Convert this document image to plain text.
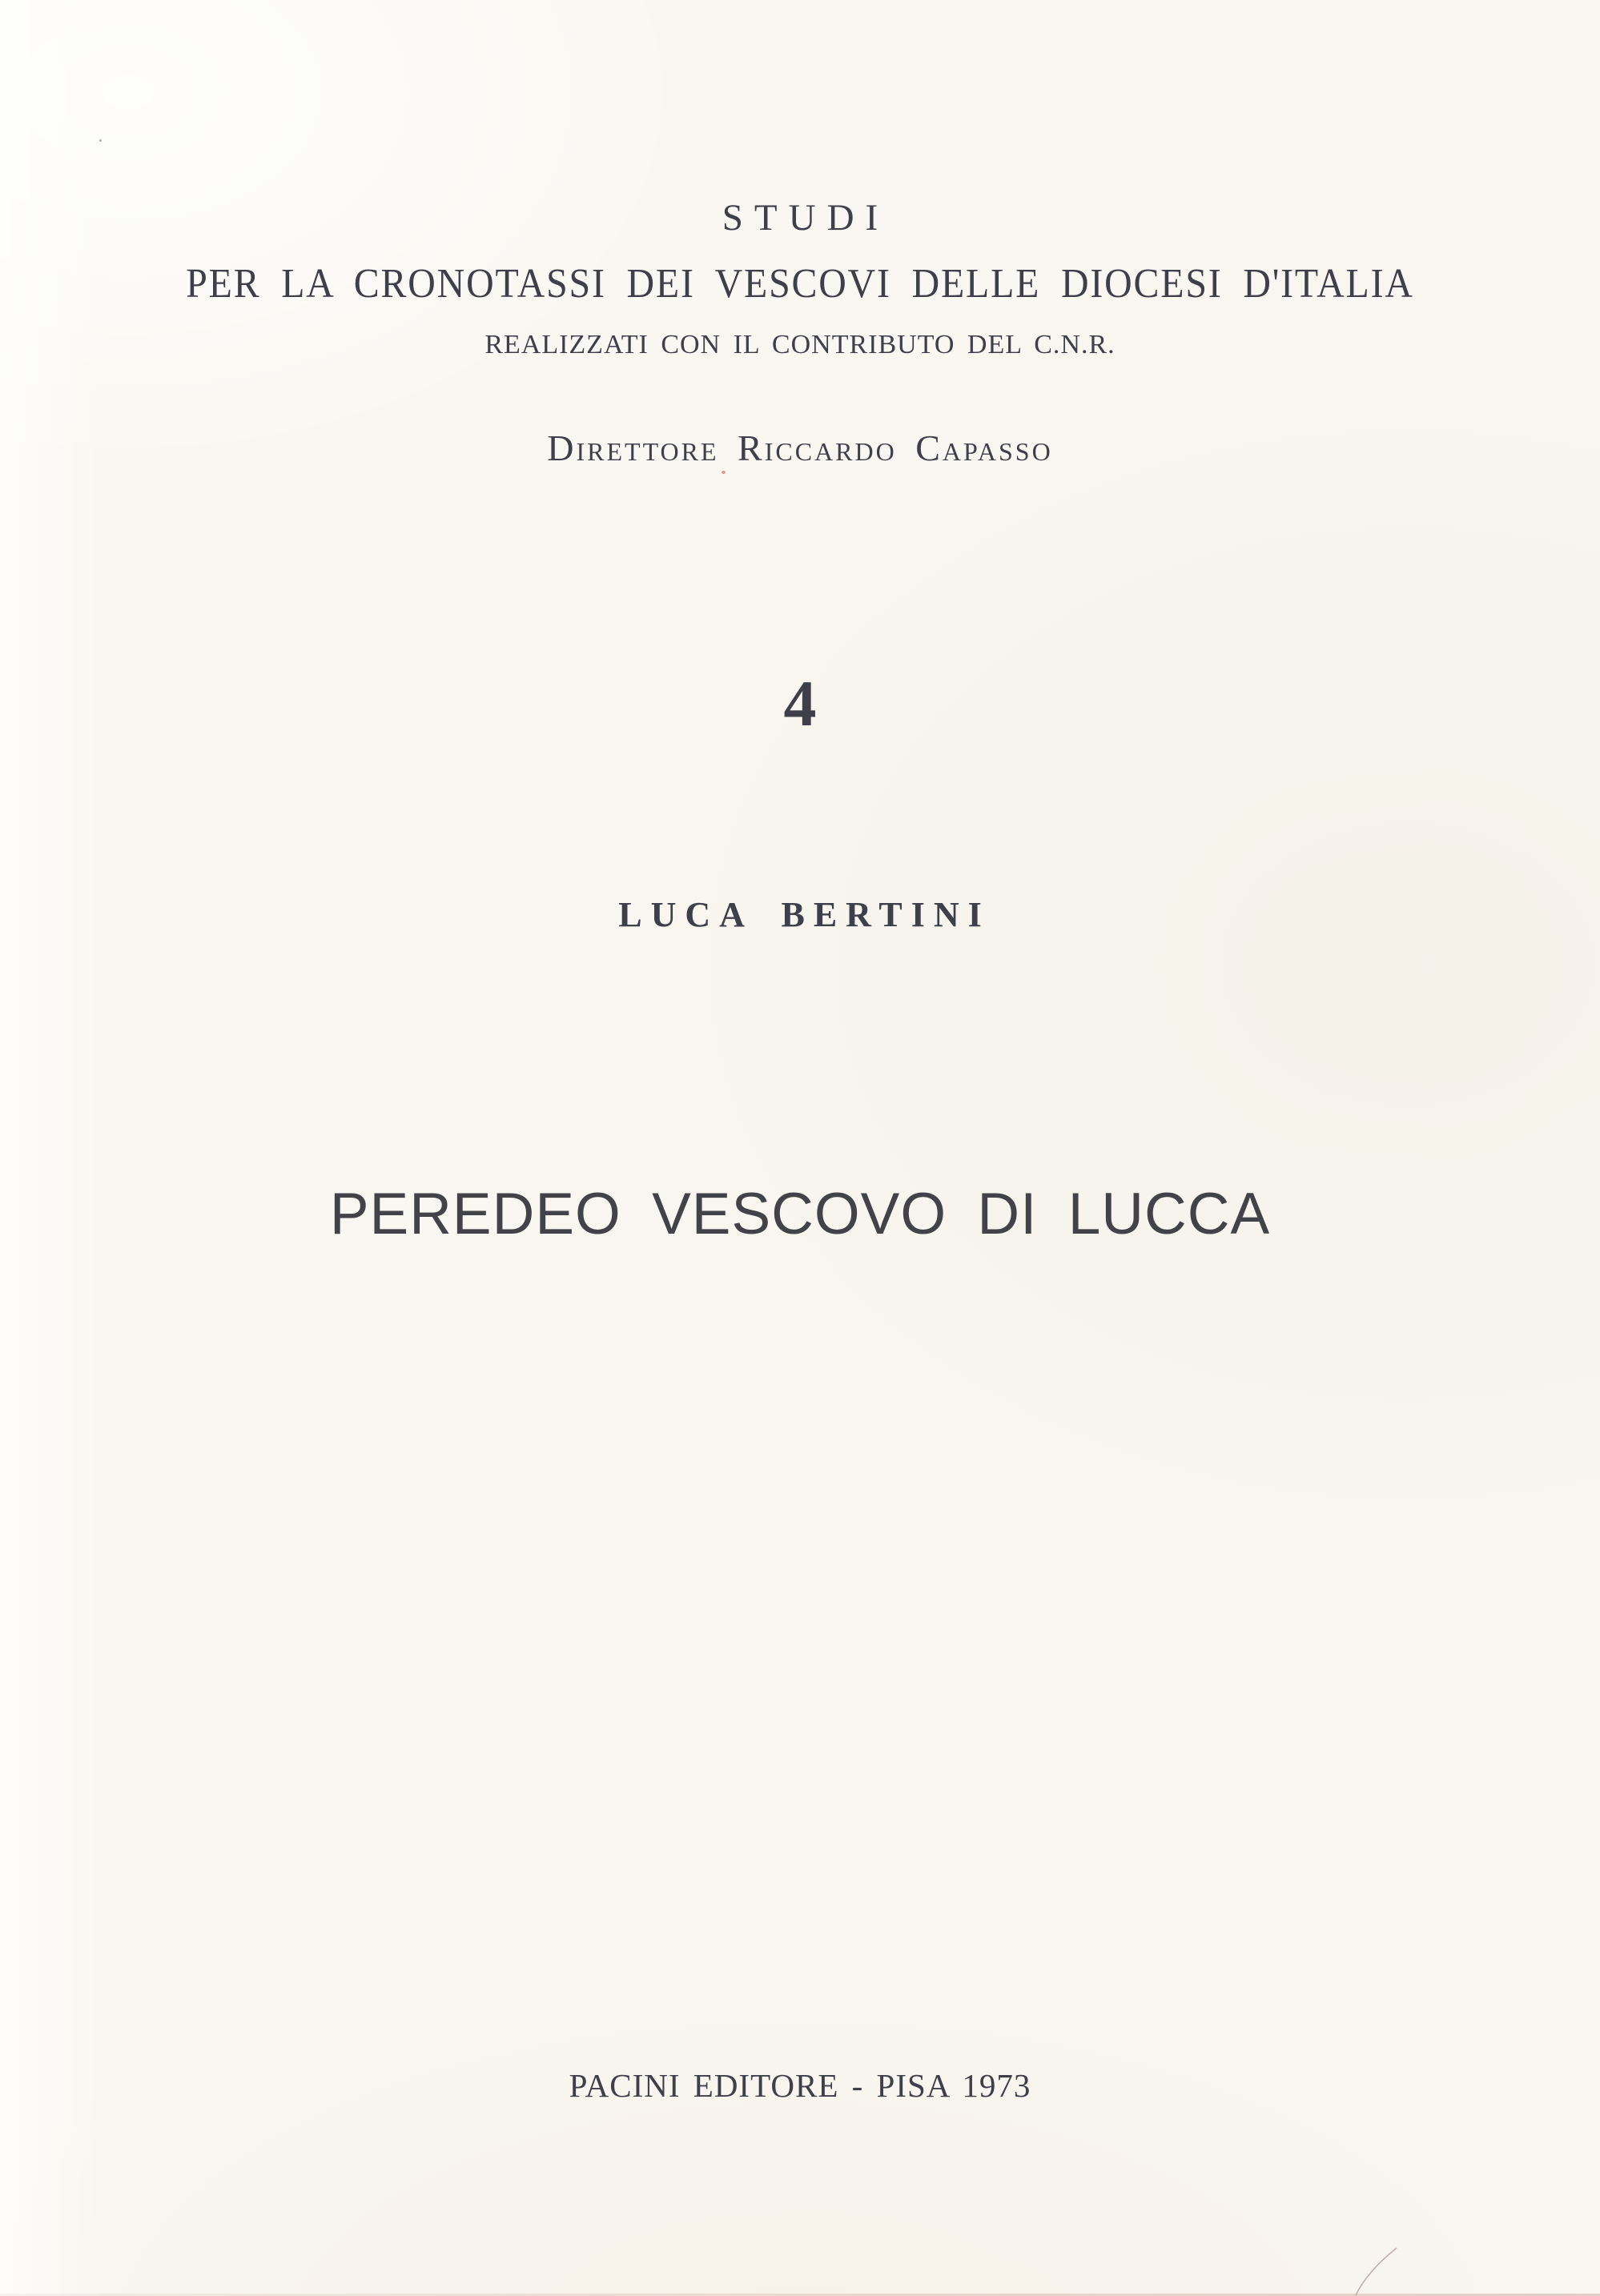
STUDI
PER LA CRONOTASSI DEI VESCOVI DELLE DIOCESI D'ITALIA
REALIZZATI CON IL CONTRIBUTO DEL C.N.R.
Direttore Riccardo Capasso
4
LUCA BERTINI
PEREDEO VESCOVO DI LUCCA
PACINI EDITORE - PISA 1973
